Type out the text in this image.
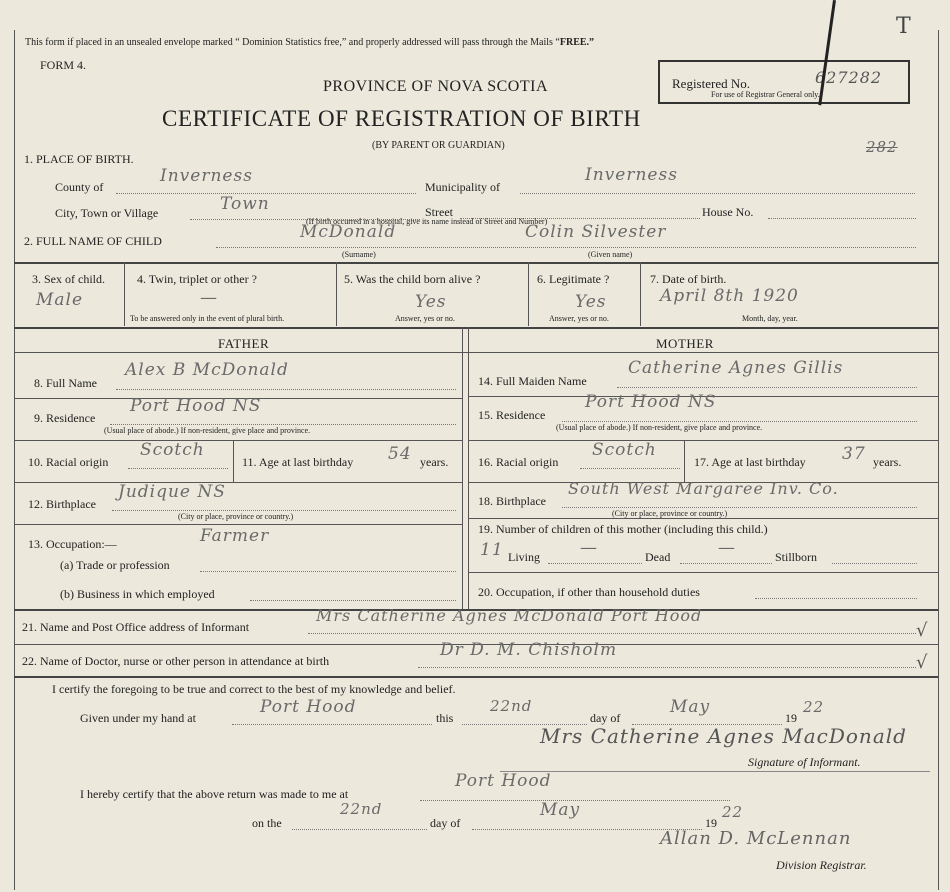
This form if placed in an unsealed envelope marked “ Dominion Statistics free,” and properly addressed will pass through the Mails “FREE.”
FORM 4.
PROVINCE OF NOVA SCOTIA
CERTIFICATE OF REGISTRATION OF BIRTH
(BY PARENT OR GUARDIAN)
Registered No.	627282
For use of Registrar General only.
T
282
1. PLACE OF BIRTH.
County of
Inverness
Municipality of
Inverness
City, Town or Village	Town	Street	House No.
(If birth occurred in a hospital, give its name instead of Street and Number)
2. FULL NAME OF CHILD	McDonald	Colin Silvester
(Surname)	(Given name)
3. Sex of child.
Male
4. Twin, triplet or other ?
—
To be answered only in the event of plural birth.
5. Was the child born alive ?
Yes
Answer, yes or no.
6. Legitimate ?
Yes
Answer, yes or no.
7. Date of birth.
April 8th 1920
Month, day, year.
FATHER	MOTHER
8. Full Name
Alex B McDonald
9. Residence
Port Hood NS
(Usual place of abode.) If non-resident, give place and province.
10. Racial origin
Scotch
11. Age at last birthday 54 years.
12. Birthplace
Judique NS
(City or place, province or country.)
13. Occupation:—	Farmer
(a) Trade or profession
(b) Business in which employed
14. Full Maiden Name
Catherine Agnes Gillis
15. Residence
Port Hood NS
(Usual place of abode.) If non-resident, give place and province.
16. Racial origin
Scotch
17. Age at last birthday 37 years.
18. Birthplace
South West Margaree Inv. Co.
(City or place, province or country.)
19. Number of children of this mother (including this child.)
11 Living —	Dead	—	Stillborn
20. Occupation, if other than household duties
21. Name and Post Office address of Informant
Mrs Catherine Agnes McDonald Port Hood
√
22. Name of Doctor, nurse or other person in attendance at birth
Dr D. M. Chisholm
√
I certify the foregoing to be true and correct to the best of my knowledge and belief.
Given under my hand at
Port Hood
this
22nd
day of
May
19
22
Mrs Catherine Agnes MacDonald
Signature of Informant.
I hereby certify that the above return was made to me at
Port Hood
on the
22nd
day of
May
19
22
Allan D. McLennan
Division Registrar.
